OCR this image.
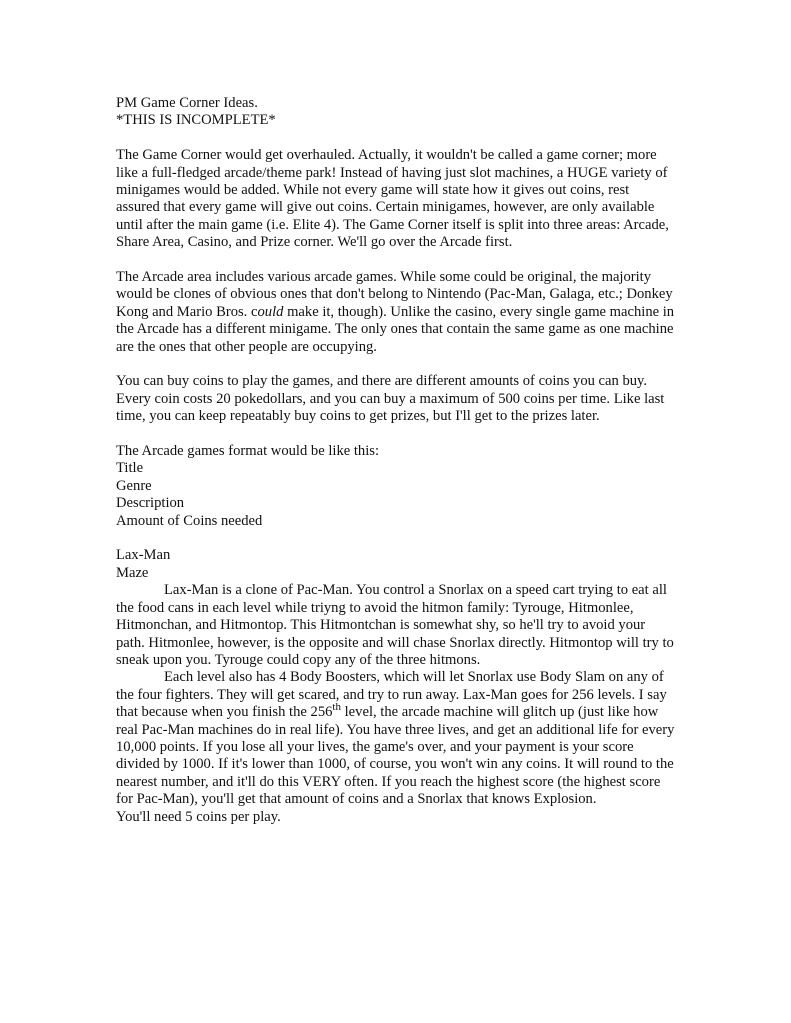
PM Game Corner Ideas.

*THIS IS INCOMPLETE*

The Game Corner would get overhauled. Actually, it wouldn't be called a game corner; more like a full-fledged arcade/theme park! Instead of having just slot machines, a HUGE variety of minigames would be added. While not every game will state how it gives out coins, rest assured that every game will give out coins. Certain minigames, however, are only available until after the main game (i.e. Elite 4). The Game Corner itself is split into three areas: Arcade, Share Area, Casino, and Prize corner. We'll go over the Arcade first.

The Arcade area includes various arcade games. While some could be original, the majority would be clones of obvious ones that don't belong to Nintendo (Pac-Man, Galaga, etc.; Donkey Kong and Mario Bros. could make it, though). Unlike the casino, every single game machine in the Arcade has a different minigame. The only ones that contain the same game as one machine are the ones that other people are occupying.

You can buy coins to play the games, and there are different amounts of coins you can buy. Every coin costs 20 pokedollars, and you can buy a maximum of 500 coins per time. Like last time, you can keep repeatably buy coins to get prizes, but I'll get to the prizes later.

The Arcade games format would be like this:

Title

Genre

Description

Amount of Coins needed

Lax-Man

Maze

Lax-Man is a clone of Pac-Man. You control a Snorlax on a speed cart trying to eat all the food cans in each level while triyng to avoid the hitmon family: Tyrouge, Hitmonlee, Hitmonchan, and Hitmontop. This Hitmontchan is somewhat shy, so he'll try to avoid your path. Hitmonlee, however, is the opposite and will chase Snorlax directly. Hitmontop will try to sneak upon you. Tyrouge could copy any of the three hitmons.

Each level also has 4 Body Boosters, which will let Snorlax use Body Slam on any of the four fighters. They will get scared, and try to run away. Lax-Man goes for 256 levels. I say that because when you finish the 256th level, the arcade machine will glitch up (just like how real Pac-Man machines do in real life). You have three lives, and get an additional life for every 10,000 points. If you lose all your lives, the game's over, and your payment is your score divided by 1000. If it's lower than 1000, of course, you won't win any coins. It will round to the nearest number, and it'll do this VERY often. If you reach the highest score (the highest score for Pac-Man), you'll get that amount of coins and a Snorlax that knows Explosion.

You'll need 5 coins per play.
